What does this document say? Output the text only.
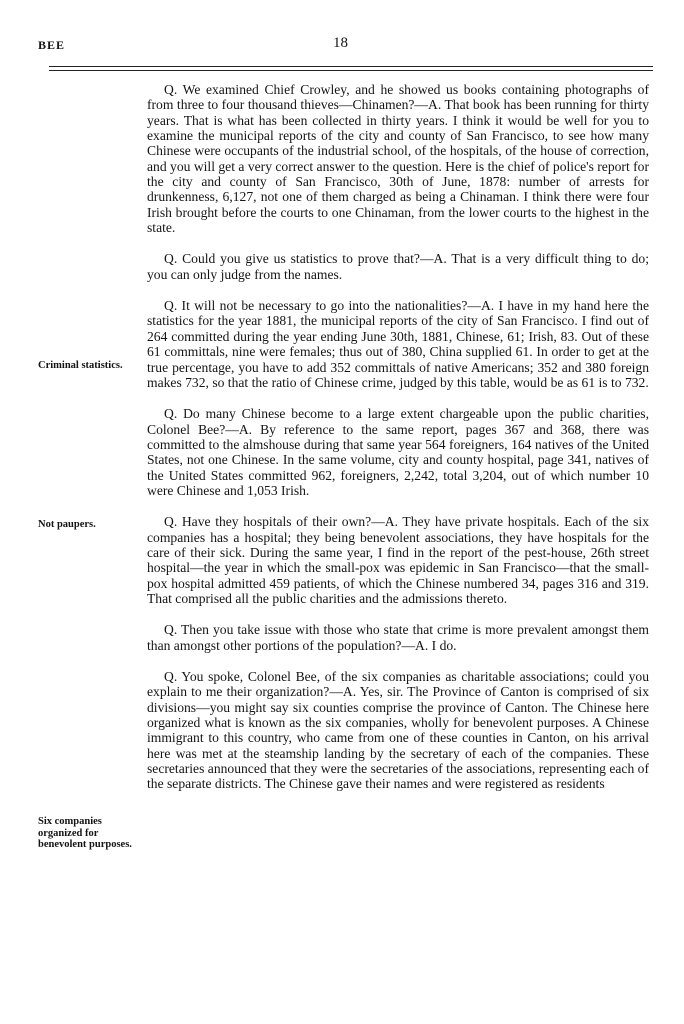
BEE	18
Criminal statistics.
Not paupers.
Six companies organized for benevolent purposes.

Q. We examined Chief Crowley, and he showed us books containing photographs of from three to four thousand thieves—Chinamen?—A. That book has been running for thirty years. That is what has been collected in thirty years. I think it would be well for you to examine the municipal reports of the city and county of San Francisco, to see how many Chinese were occupants of the industrial school, of the hospitals, of the house of correction, and you will get a very correct answer to the question. Here is the chief of police's report for the city and county of San Francisco, 30th of June, 1878: number of arrests for drunkenness, 6,127, not one of them charged as being a Chinaman. I think there were four Irish brought before the courts to one Chinaman, from the lower courts to the highest in the state.

Q. Could you give us statistics to prove that?—A. That is a very difficult thing to do; you can only judge from the names.

Q. It will not be necessary to go into the nationalities?—A. I have in my hand here the statistics for the year 1881, the municipal reports of the city of San Francisco. I find out of 264 committed during the year ending June 30th, 1881, Chinese, 61; Irish, 83. Out of these 61 committals, nine were females; thus out of 380, China supplied 61. In order to get at the true percentage, you have to add 352 committals of native Americans; 352 and 380 foreign makes 732, so that the ratio of Chinese crime, judged by this table, would be as 61 is to 732.

Q. Do many Chinese become to a large extent chargeable upon the public charities, Colonel Bee?—A. By reference to the same report, pages 367 and 368, there was committed to the almshouse during that same year 564 foreigners, 164 natives of the United States, not one Chinese. In the same volume, city and county hospital, page 341, natives of the United States committed 962, foreigners, 2,242, total 3,204, out of which number 10 were Chinese and 1,053 Irish.

Q. Have they hospitals of their own?—A. They have private hospitals. Each of the six companies has a hospital; they being benevolent associations, they have hospitals for the care of their sick. During the same year, I find in the report of the pest-house, 26th street hospital—the year in which the small-pox was epidemic in San Francisco—that the small-pox hospital admitted 459 patients, of which the Chinese numbered 34, pages 316 and 319. That comprised all the public charities and the admissions thereto.

Q. Then you take issue with those who state that crime is more prevalent amongst them than amongst other portions of the population?—A. I do.

Q. You spoke, Colonel Bee, of the six companies as charitable associations; could you explain to me their organization?—A. Yes, sir. The Province of Canton is comprised of six divisions—you might say six counties comprise the province of Canton. The Chinese here organized what is known as the six companies, wholly for benevolent purposes. A Chinese immigrant to this country, who came from one of these counties in Canton, on his arrival here was met at the steamship landing by the secretary of each of the companies. These secretaries announced that they were the secretaries of the associations, representing each of the separate districts. The Chinese gave their names and were registered as residents
